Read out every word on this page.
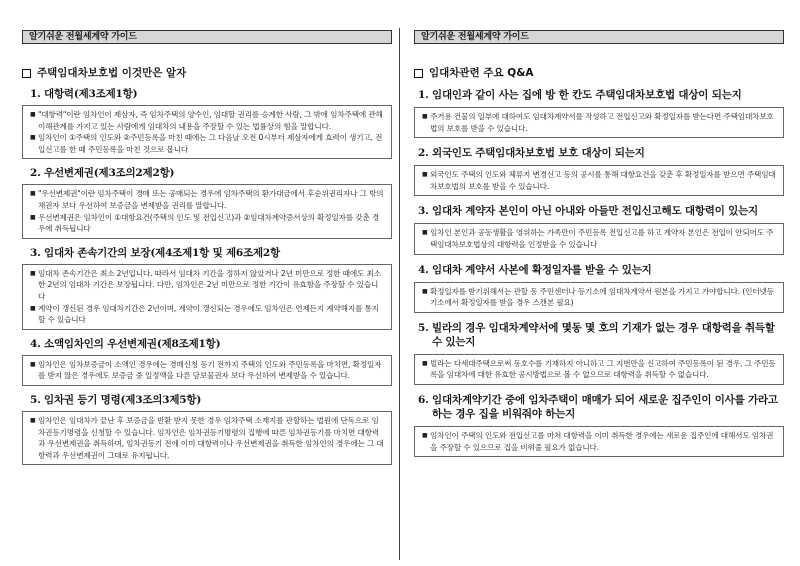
알기쉬운 전월세계약 가이드
주택임대차보호법 이것만은 알자
1. 대항력(제3조제1항)
■ "대항력"이란 임차인이 제삼자, 즉 임차주택의 양수인, 임대할 권리를 승계한 사람, 그 밖에 임차주택에 관해 이해관계를 가지고 있는 사람에게 임대차의 내용을 주장할 수 있는 법률상의 힘을 말합니다.
■ 임차인이 ①주택의 인도와 ②주민등록을 마친 때에는 그 다음날 오전 0시부터 제삼자에게 효력이 생기고, 전입신고를 한 때 주민등록을 마친 것으로 봅니다
2. 우선변제권(제3조의2제2항)
■ "우선변제권"이란 임차주택이 경매 또는 공매되는 경우에 임차주택의 환가대금에서 후순위권리자나 그 밖의 채권자 보다 우선하여 보증금을 변제받을 권리를 말합니다.
■ 우선변제권은 임차인이 ①대항요건(주택의 인도 및 전입신고)과 ②임대차계약증서상의 확정일자를 갖춘 경우에 취득됩니다
3. 임대차 존속기간의 보장(제4조제1항 및 제6조제2항
■ 임대차 존속기간은 최소 2년입니다. 따라서 임대차 기간을 정하지 않았거나 2년 미만으로 정한 때에도 최소한 2년의 임대차 기간은 보장됩니다. 다만, 임차인은 2년 미만으로 정한 기간이 유효함을 주장할 수 있습니다
■ 계약이 갱신된 경우 임대차기간은 2년이며, 계약이 갱신되는 경우에도 임차인은 언제든지 계약해지를 통지할 수 있습니다
4. 소액임차인의 우선변제권(제8조제1항)
■ 임차인은 임차보증금이 소액인 경우에는 경매신청 등기 전까지 주택의 인도와 주민등록을 마치면, 확정일자를 받지 않은 경우에도 보증금 중 일정액을 다른 담보물권자 보다 우선하여 변제받을 수 있습니다.
5. 임차권 등기 명령(제3조의3제5항)
■ 임차인은 임대차가 끝난 후 보증금을 반환 받지 못한 경우 임차주택 소재지를 관할하는 법원에 단독으로 임차권등기명령을 신청할 수 있습니다. 임차인은 임차권등기명령의 집행에 따른 임차권등기를 마치면 대항력과 우선변제권을 취득하며, 임차권등기 전에 이미 대항력이나 우선변제권을 취득한 임차인의 경우에는 그 대항력과 우선변제권이 그대로 유지됩니다.
알기쉬운 전월세계약 가이드
임대차관련 주요 Q&A
1. 임대인과 같이 사는 집에 방 한 칸도 주택임대차보호법 대상이 되는지
■ 주거용 건물의 일부에 대하여도 임대차계약서를 작성하고 전입신고와 확정일자를 받는다면 주택임대차보호법의 보호를 받을 수 있습니다.
2. 외국인도 주택임대차보호법 보호 대상이 되는지
■ 외국인도 주택의 인도와 체류지 변경신고 등의 공시를 통해 대항요건을 갖춘 후 확정일자를 받으면 주택임대차보호법의 보호를 받을 수 있습니다.
3. 임대차 계약자 본인이 아닌 아내와 아들만 전입신고해도 대항력이 있는지
■ 임차인 본인과 공동생활을 영위하는 가족만이 주민등록 전입신고를 하고 계약자 본인은 전입이 안되어도 주택임대차보호법상의 대항력을 인정받을 수 있습니다
4. 임대차 계약서 사본에 확정일자를 받을 수 있는지
■ 확정일자를 받기위해서는 관할 동 주민센터나 등기소에 임대차계약서 원본을 가지고 가야합니다. (인터넷등기소에서 확정일자를 받을 경우 스캔본 필요)
5. 빌라의 경우 임대차계약서에 몇동 몇 호의 기재가 없는 경우 대항력을 취득할 수 있는지
■ 빌라는 다세대주택으로써 동호수를 기재하지 아니하고 그 지번만을 신고하여 주민등록이 된 경우, 그 주민등록을 임대차에 대한 유효한 공시방법으로 볼 수 없으므로 대항력을 취득할 수 없습니다.
6. 임대차계약기간 중에 임차주택이 매매가 되어 새로운 집주인이 이사를 가라고 하는 경우 집을 비워줘야 하는지
■ 임차인이 주택의 인도와 전입신고를 마쳐 대항력을 이미 취득한 경우에는 새로운 집주인에 대해서도 임차권을 주장할 수 있으므로 집을 비워줄 필요가 없습니다.
